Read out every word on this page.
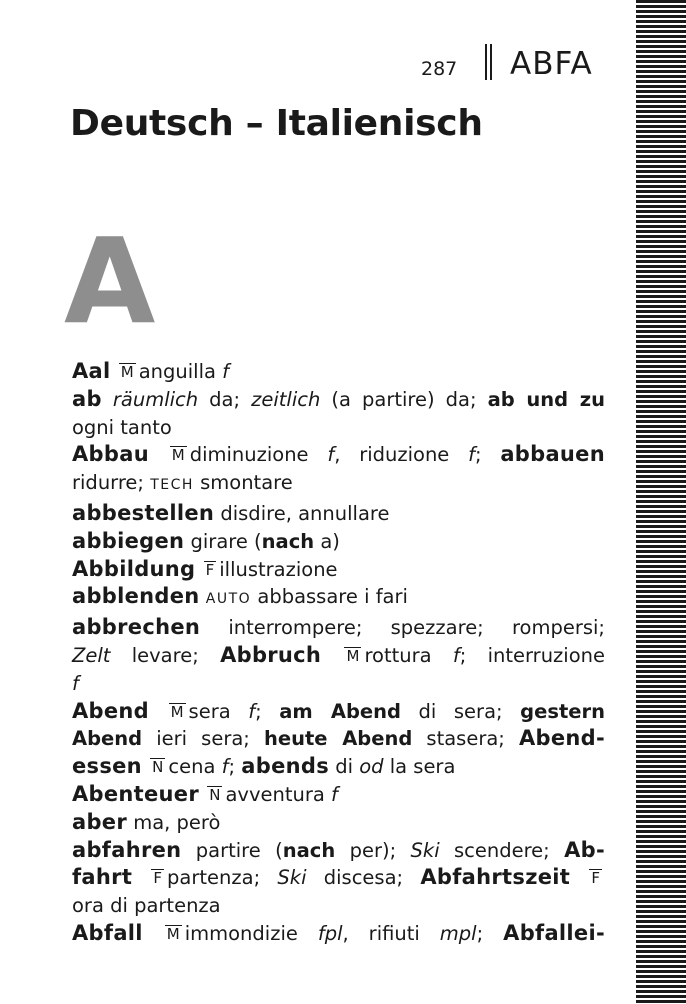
287 ABFA
Deutsch – Italienisch
A

Aal M anguilla f

ab räumlich da; zeitlich (a partire) da; ab und zu
ogni tanto

Abbau M diminuzione f, riduzione f; abbauen
ridurre; TECH smontare

abbestellen disdire, annullare

abbiegen girare (nach a)

Abbildung F illustrazione

abblenden AUTO abbassare i fari

abbrechen interrompere; spezzare; rompersi;
Zelt levare; Abbruch M rottura f; interruzione
f

Abend M sera f; am Abend di sera; gestern
Abend ieri sera; heute Abend stasera; Abend-
essen N cena f; abends di od la sera

Abenteuer N avventura f

aber ma, però

abfahren partire (nach per); Ski scendere; Ab-
fahrt F partenza; Ski discesa; Abfahrtszeit F
ora di partenza

Abfall M immondizie fpl, rifiuti mpl; Abfallei-
